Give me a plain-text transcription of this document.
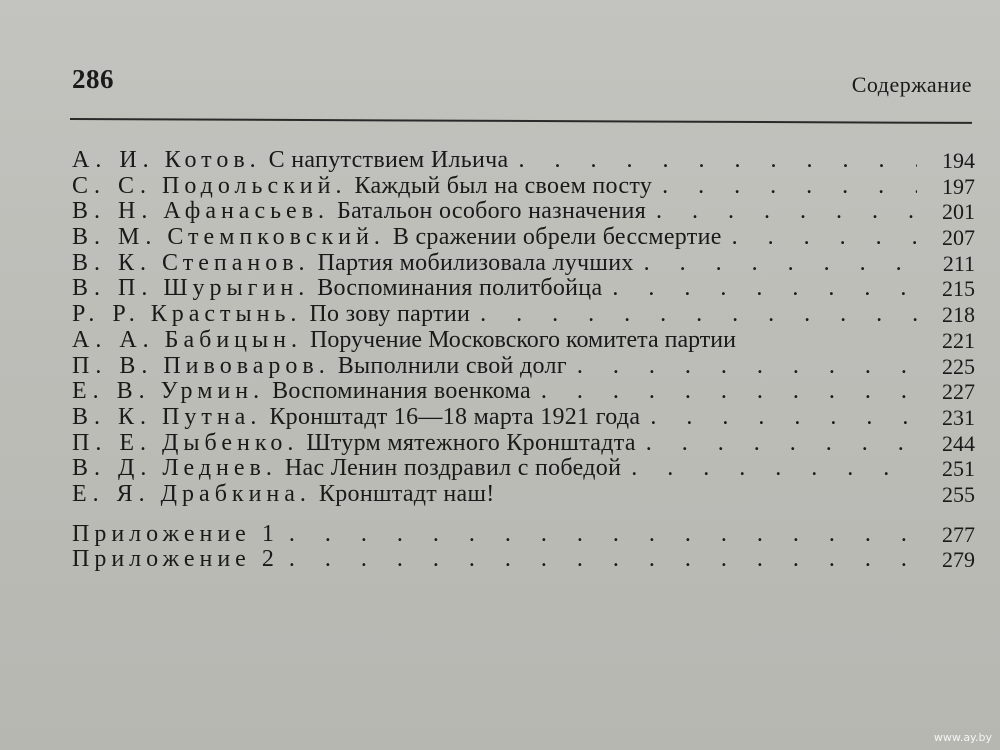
286	Содержание
А. И. Котов. С напутствием Ильича . . .	194
С. С. Подольский. Каждый был на своем посту . . .	197
В. Н. Афанасьев. Батальон особого назначения . . .	201
В. М. Стемпковский. В сражении обрели бессмертие . . .	207
В. К. Степанов. Партия мобилизовала лучших . . .	211
В. П. Шурыгин. Воспоминания политбойца . . .	215
Р. Р. Крастынь. По зову партии . . .	218
А. А. Бабицын. Поручение Московского комитета партии	221
П. В. Пивоваров. Выполнили свой долг . . .	225
Е. В. Урмин. Воспоминания военкома . . .	227
В. К. Путна. Кронштадт 16—18 марта 1921 года . . .	231
П. Е. Дыбенко. Штурм мятежного Кронштадта . . .	244
В. Д. Леднев. Нас Ленин поздравил с победой . . .	251
Е. Я. Драбкина. Кронштадт наш!	255
Приложение 1 . . .	277
Приложение 2 . . .	279
www.ay.by
